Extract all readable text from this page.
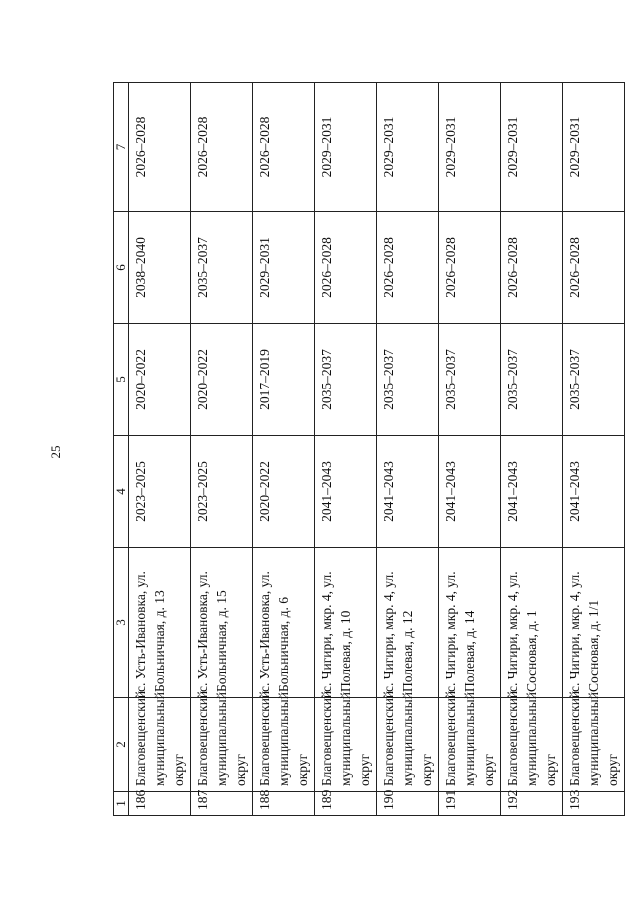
25
1	2	3	4	5	6	7
186	Благовещенский муниципальный округ	с. Усть-Ивановка, ул. Больничная, д. 13	2023–2025	2020–2022	2038–2040	2026–2028
187	Благовещенский муниципальный округ	с. Усть-Ивановка, ул. Больничная, д. 15	2023–2025	2020–2022	2035–2037	2026–2028
188	Благовещенский муниципальный округ	с. Усть-Ивановка, ул. Больничная, д. 6	2020–2022	2017–2019	2029–2031	2026–2028
189	Благовещенский муниципальный округ	с. Чигири, мкр. 4, ул. Полевая, д. 10	2041–2043	2035–2037	2026–2028	2029–2031
190	Благовещенский муниципальный округ	с. Чигири, мкр. 4, ул. Полевая, д. 12	2041–2043	2035–2037	2026–2028	2029–2031
191	Благовещенский муниципальный округ	с. Чигири, мкр. 4, ул. Полевая, д. 14	2041–2043	2035–2037	2026–2028	2029–2031
192	Благовещенский муниципальный округ	с. Чигири, мкр. 4, ул. Сосновая, д. 1	2041–2043	2035–2037	2026–2028	2029–2031
193	Благовещенский муниципальный округ	с. Чигири, мкр. 4, ул. Сосновая, д. 1/1	2041–2043	2035–2037	2026–2028	2029–2031
